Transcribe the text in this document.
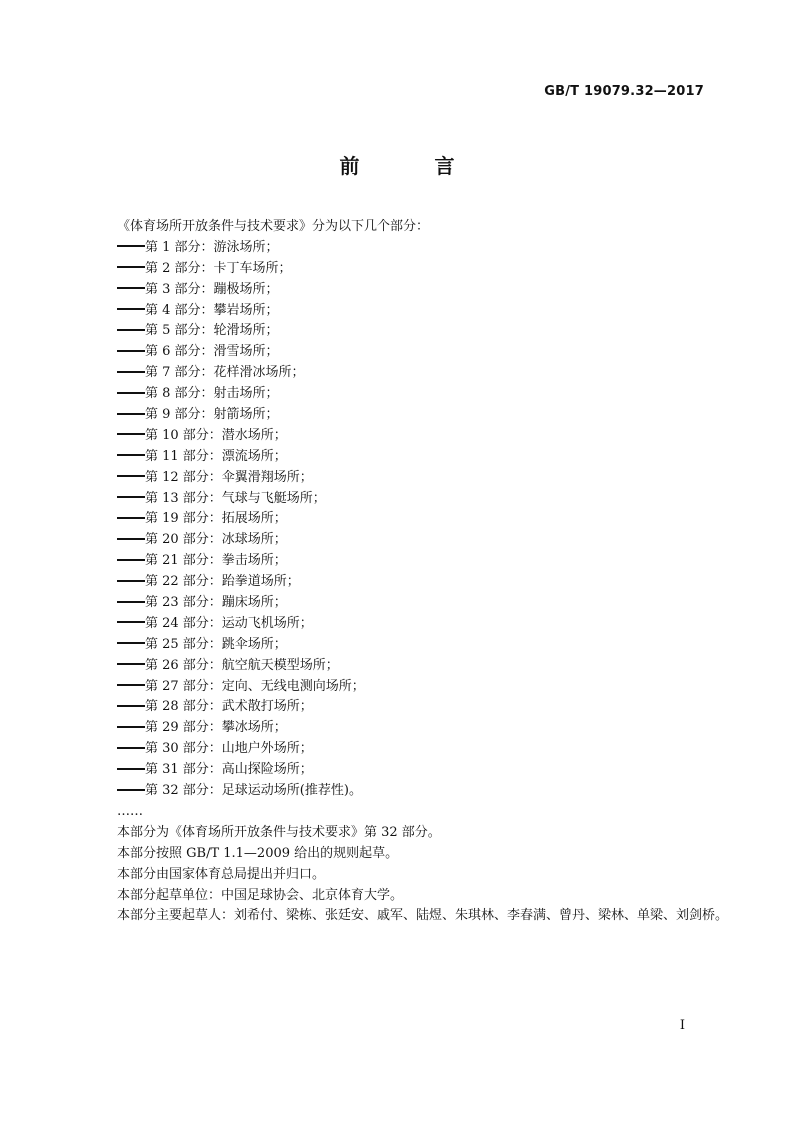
GB/T 19079.32—2017
前 言
《体育场所开放条件与技术要求》分为以下几个部分：
第 1 部分：游泳场所；
第 2 部分：卡丁车场所；
第 3 部分：蹦极场所；
第 4 部分：攀岩场所；
第 5 部分：轮滑场所；
第 6 部分：滑雪场所；
第 7 部分：花样滑冰场所；
第 8 部分：射击场所；
第 9 部分：射箭场所；
第 10 部分：潜水场所；
第 11 部分：漂流场所；
第 12 部分：伞翼滑翔场所；
第 13 部分：气球与飞艇场所；
第 19 部分：拓展场所；
第 20 部分：冰球场所；
第 21 部分：拳击场所；
第 22 部分：跆拳道场所；
第 23 部分：蹦床场所；
第 24 部分：运动飞机场所；
第 25 部分：跳伞场所；
第 26 部分：航空航天模型场所；
第 27 部分：定向、无线电测向场所；
第 28 部分：武术散打场所；
第 29 部分：攀冰场所；
第 30 部分：山地户外场所；
第 31 部分：高山探险场所；
第 32 部分：足球运动场所(推荐性)。
……
本部分为《体育场所开放条件与技术要求》第 32 部分。
本部分按照 GB/T 1.1—2009 给出的规则起草。
本部分由国家体育总局提出并归口。
本部分起草单位：中国足球协会、北京体育大学。
本部分主要起草人：刘希付、梁栋、张廷安、戚军、陆煜、朱琪林、李春满、曾丹、梁林、单梁、刘剑桥。
I
